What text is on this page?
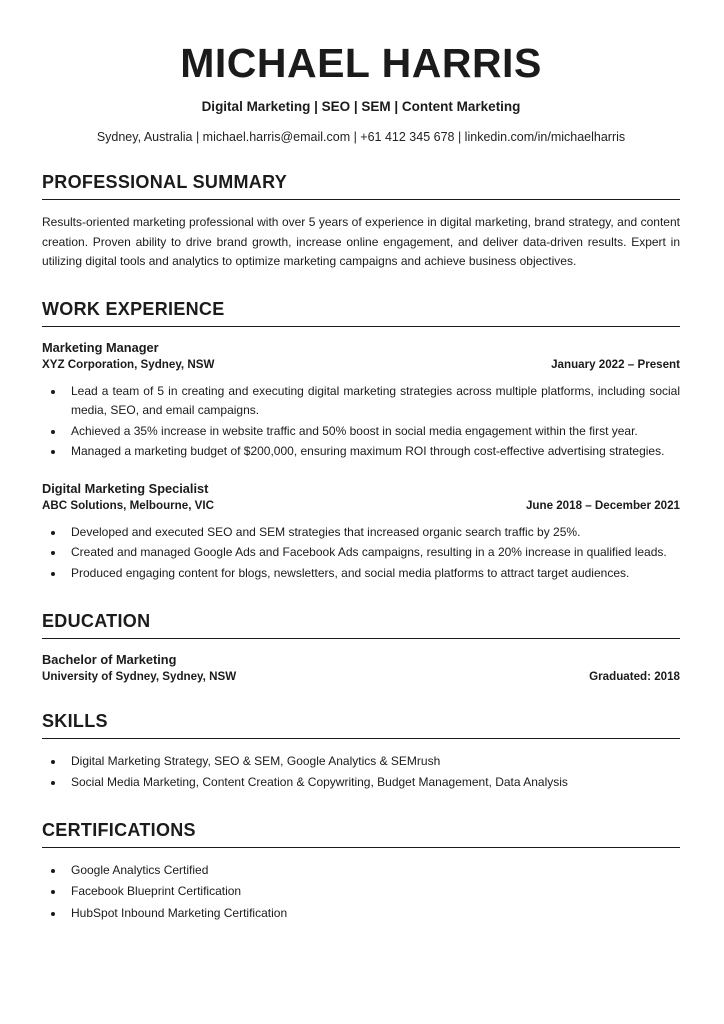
MICHAEL HARRIS
Digital Marketing | SEO | SEM | Content Marketing
Sydney, Australia | michael.harris@email.com | +61 412 345 678 | linkedin.com/in/michaelharris
PROFESSIONAL SUMMARY

Results-oriented marketing professional with over 5 years of experience in digital marketing, brand strategy, and content creation. Proven ability to drive brand growth, increase online engagement, and deliver data-driven results. Expert in utilizing digital tools and analytics to optimize marketing campaigns and achieve business objectives.

WORK EXPERIENCE
Marketing Manager
XYZ Corporation, Sydney, NSW	January 2022 – Present
• Lead a team of 5 in creating and executing digital marketing strategies across multiple platforms, including social media, SEO, and email campaigns.
• Achieved a 35% increase in website traffic and 50% boost in social media engagement within the first year.
• Managed a marketing budget of $200,000, ensuring maximum ROI through cost-effective advertising strategies.
Digital Marketing Specialist
ABC Solutions, Melbourne, VIC	June 2018 – December 2021
• Developed and executed SEO and SEM strategies that increased organic search traffic by 25%.
• Created and managed Google Ads and Facebook Ads campaigns, resulting in a 20% increase in qualified leads.
• Produced engaging content for blogs, newsletters, and social media platforms to attract target audiences.
EDUCATION
Bachelor of Marketing
University of Sydney, Sydney, NSW	Graduated: 2018
SKILLS
• Digital Marketing Strategy, SEO & SEM, Google Analytics & SEMrush
• Social Media Marketing, Content Creation & Copywriting, Budget Management, Data Analysis
CERTIFICATIONS
• Google Analytics Certified
• Facebook Blueprint Certification
• HubSpot Inbound Marketing Certification
